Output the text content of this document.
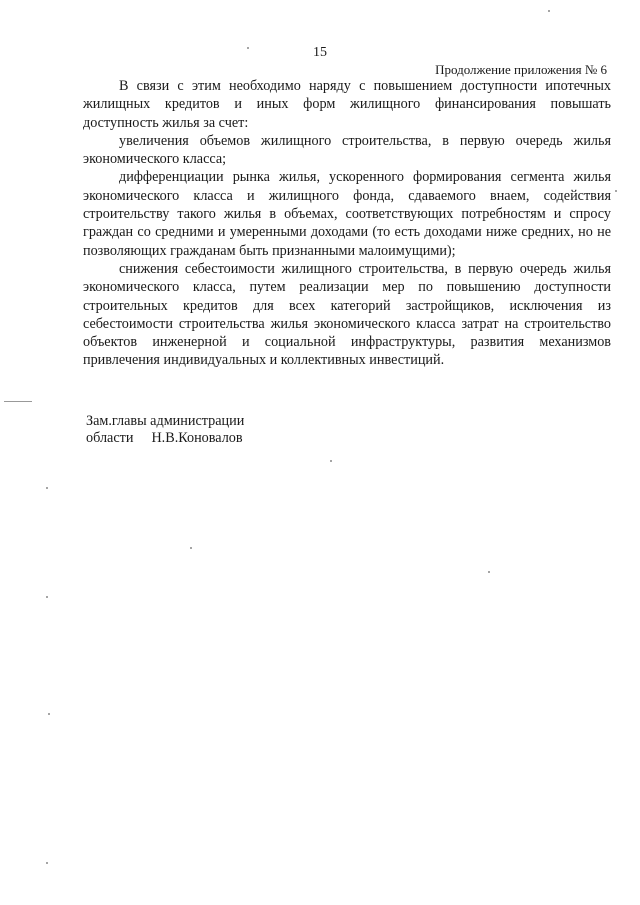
15
Продолжение приложения № 6

В связи с этим необходимо наряду с повышением доступности ипотечных жилищных кредитов и иных форм жилищного финансирования повышать доступность жилья за счет:

увеличения объемов жилищного строительства, в первую очередь жилья экономического класса;

дифференциации рынка жилья, ускоренного формирования сегмента жилья экономического класса и жилищного фонда, сдаваемого внаем, содействия строительству такого жилья в объемах, соответствующих потребностям и спросу граждан со средними и умеренными доходами (то есть доходами ниже средних, но не позволяющих гражданам быть признанными малоимущими);

снижения себестоимости жилищного строительства, в первую очередь жилья экономического класса, путем реализации мер по повышению доступности строительных кредитов для всех категорий застройщиков, исключения из себестоимости строительства жилья экономического класса затрат на строительство объектов инженерной и социальной инфраструктуры, развития механизмов привлечения индивидуальных и коллективных инвестиций.

Зам.главы администрации
области Н.В.Коновалов
